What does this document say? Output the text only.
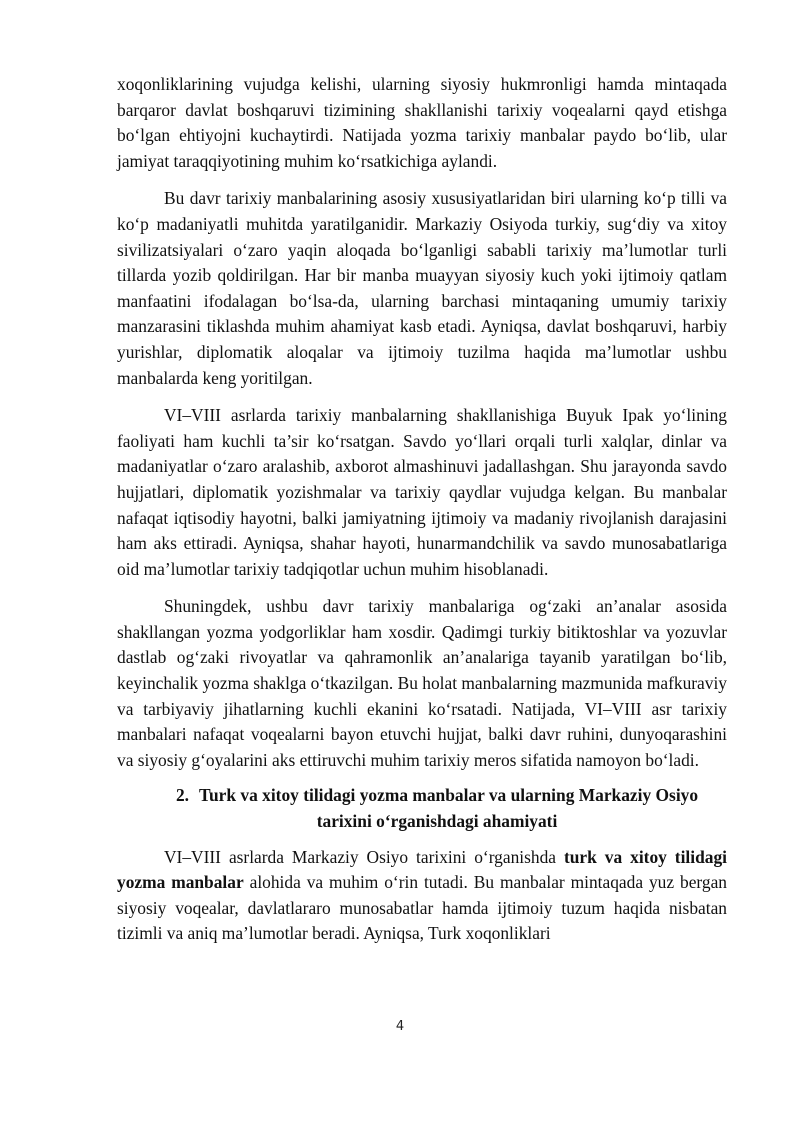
xoqonliklarining vujudga kelishi, ularning siyosiy hukmronligi hamda mintaqada barqaror davlat boshqaruvi tizimining shakllanishi tarixiy voqealarni qayd etishga bo‘lgan ehtiyojni kuchaytirdi. Natijada yozma tarixiy manbalar paydo bo‘lib, ular jamiyat taraqqiyotining muhim ko‘rsatkichiga aylandi.

Bu davr tarixiy manbalarining asosiy xususiyatlaridan biri ularning ko‘p tilli va ko‘p madaniyatli muhitda yaratilganidir. Markaziy Osiyoda turkiy, sug‘diy va xitoy sivilizatsiyalari o‘zaro yaqin aloqada bo‘lganligi sababli tarixiy ma’lumotlar turli tillarda yozib qoldirilgan. Har bir manba muayyan siyosiy kuch yoki ijtimoiy qatlam manfaatini ifodalagan bo‘lsa-da, ularning barchasi mintaqaning umumiy tarixiy manzarasini tiklashda muhim ahamiyat kasb etadi. Ayniqsa, davlat boshqaruvi, harbiy yurishlar, diplomatik aloqalar va ijtimoiy tuzilma haqida ma’lumotlar ushbu manbalarda keng yoritilgan.

VI–VIII asrlarda tarixiy manbalarning shakllanishiga Buyuk Ipak yo‘lining faoliyati ham kuchli ta’sir ko‘rsatgan. Savdo yo‘llari orqali turli xalqlar, dinlar va madaniyatlar o‘zaro aralashib, axborot almashinuvi jadallashgan. Shu jarayonda savdo hujjatlari, diplomatik yozishmalar va tarixiy qaydlar vujudga kelgan. Bu manbalar nafaqat iqtisodiy hayotni, balki jamiyatning ijtimoiy va madaniy rivojlanish darajasini ham aks ettiradi. Ayniqsa, shahar hayoti, hunarmandchilik va savdo munosabatlariga oid ma’lumotlar tarixiy tadqiqotlar uchun muhim hisoblanadi.

Shuningdek, ushbu davr tarixiy manbalariga og‘zaki an’analar asosida shakllangan yozma yodgorliklar ham xosdir. Qadimgi turkiy bitiktoshlar va yozuvlar dastlab og‘zaki rivoyatlar va qahramonlik an’analariga tayanib yaratilgan bo‘lib, keyinchalik yozma shaklga o‘tkazilgan. Bu holat manbalarning mazmunida mafkuraviy va tarbiyaviy jihatlarning kuchli ekanini ko‘rsatadi. Natijada, VI–VIII asr tarixiy manbalari nafaqat voqealarni bayon etuvchi hujjat, balki davr ruhini, dunyoqarashini va siyosiy g‘oyalarini aks ettiruvchi muhim tarixiy meros sifatida namoyon bo‘ladi.

2. Turk va xitoy tilidagi yozma manbalar va ularning Markaziy Osiyo
tarixini o‘rganishdagi ahamiyati

VI–VIII asrlarda Markaziy Osiyo tarixini o‘rganishda turk va xitoy tilidagi yozma manbalar alohida va muhim o‘rin tutadi. Bu manbalar mintaqada yuz bergan siyosiy voqealar, davlatlararo munosabatlar hamda ijtimoiy tuzum haqida nisbatan tizimli va aniq ma’lumotlar beradi. Ayniqsa, Turk xoqonliklari

4
